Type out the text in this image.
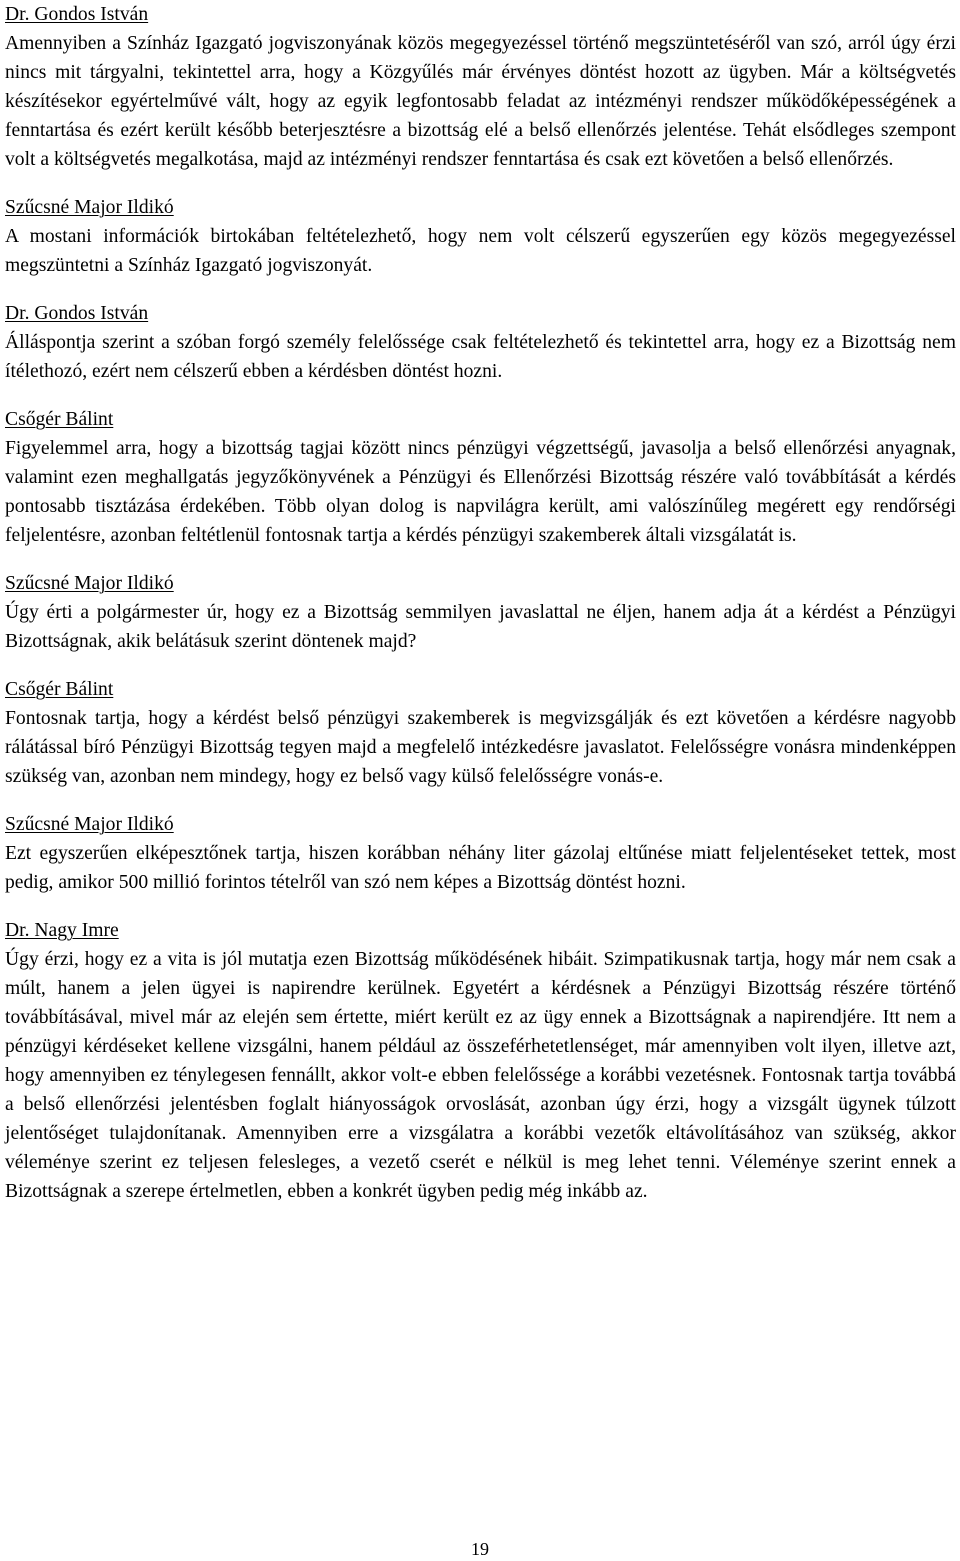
Dr. Gondos István

Amennyiben a Színház Igazgató jogviszonyának közös megegyezéssel történő megszüntetéséről van szó, arról úgy érzi nincs mit tárgyalni, tekintettel arra, hogy a Közgyűlés már érvényes döntést hozott az ügyben. Már a költségvetés készítésekor egyértelművé vált, hogy az egyik legfontosabb feladat az intézményi rendszer működőképességének a fenntartása és ezért került később beterjesztésre a bizottság elé a belső ellenőrzés jelentése. Tehát elsődleges szempont volt a költségvetés megalkotása, majd az intézményi rendszer fenntartása és csak ezt követően a belső ellenőrzés.

Szűcsné Major Ildikó

A mostani információk birtokában feltételezhető, hogy nem volt célszerű egyszerűen egy közös megegyezéssel megszüntetni a Színház Igazgató jogviszonyát.

Dr. Gondos István

Álláspontja szerint a szóban forgó személy felelőssége csak feltételezhető és tekintettel arra, hogy ez a Bizottság nem ítélethozó, ezért nem célszerű ebben a kérdésben döntést hozni.

Csőgér Bálint

Figyelemmel arra, hogy a bizottság tagjai között nincs pénzügyi végzettségű, javasolja a belső ellenőrzési anyagnak, valamint ezen meghallgatás jegyzőkönyvének a Pénzügyi és Ellenőrzési Bizottság részére való továbbítását a kérdés pontosabb tisztázása érdekében. Több olyan dolog is napvilágra került, ami valószínűleg megérett egy rendőrségi feljelentésre, azonban feltétlenül fontosnak tartja a kérdés pénzügyi szakemberek általi vizsgálatát is.

Szűcsné Major Ildikó

Úgy érti a polgármester úr, hogy ez a Bizottság semmilyen javaslattal ne éljen, hanem adja át a kérdést a Pénzügyi Bizottságnak, akik belátásuk szerint döntenek majd?

Csőgér Bálint

Fontosnak tartja, hogy a kérdést belső pénzügyi szakemberek is megvizsgálják és ezt követően a kérdésre nagyobb rálátással bíró Pénzügyi Bizottság tegyen majd a megfelelő intézkedésre javaslatot. Felelősségre vonásra mindenképpen szükség van, azonban nem mindegy, hogy ez belső vagy külső felelősségre vonás-e.

Szűcsné Major Ildikó

Ezt egyszerűen elképesztőnek tartja, hiszen korábban néhány liter gázolaj eltűnése miatt feljelentéseket tettek, most pedig, amikor 500 millió forintos tételről van szó nem képes a Bizottság döntést hozni.

Dr. Nagy Imre

Úgy érzi, hogy ez a vita is jól mutatja ezen Bizottság működésének hibáit. Szimpatikusnak tartja, hogy már nem csak a múlt, hanem a jelen ügyei is napirendre kerülnek. Egyetért a kérdésnek a Pénzügyi Bizottság részére történő továbbításával, mivel már az elején sem értette, miért került ez az ügy ennek a Bizottságnak a napirendjére. Itt nem a pénzügyi kérdéseket kellene vizsgálni, hanem például az összeférhetetlenséget, már amennyiben volt ilyen, illetve azt, hogy amennyiben ez ténylegesen fennállt, akkor volt-e ebben felelőssége a korábbi vezetésnek. Fontosnak tartja továbbá a belső ellenőrzési jelentésben foglalt hiányosságok orvoslását, azonban úgy érzi, hogy a vizsgált ügynek túlzott jelentőséget tulajdonítanak. Amennyiben erre a vizsgálatra a korábbi vezetők eltávolításához van szükség, akkor véleménye szerint ez teljesen felesleges, a vezető cserét e nélkül is meg lehet tenni. Véleménye szerint ennek a Bizottságnak a szerepe értelmetlen, ebben a konkrét ügyben pedig még inkább az.

19
